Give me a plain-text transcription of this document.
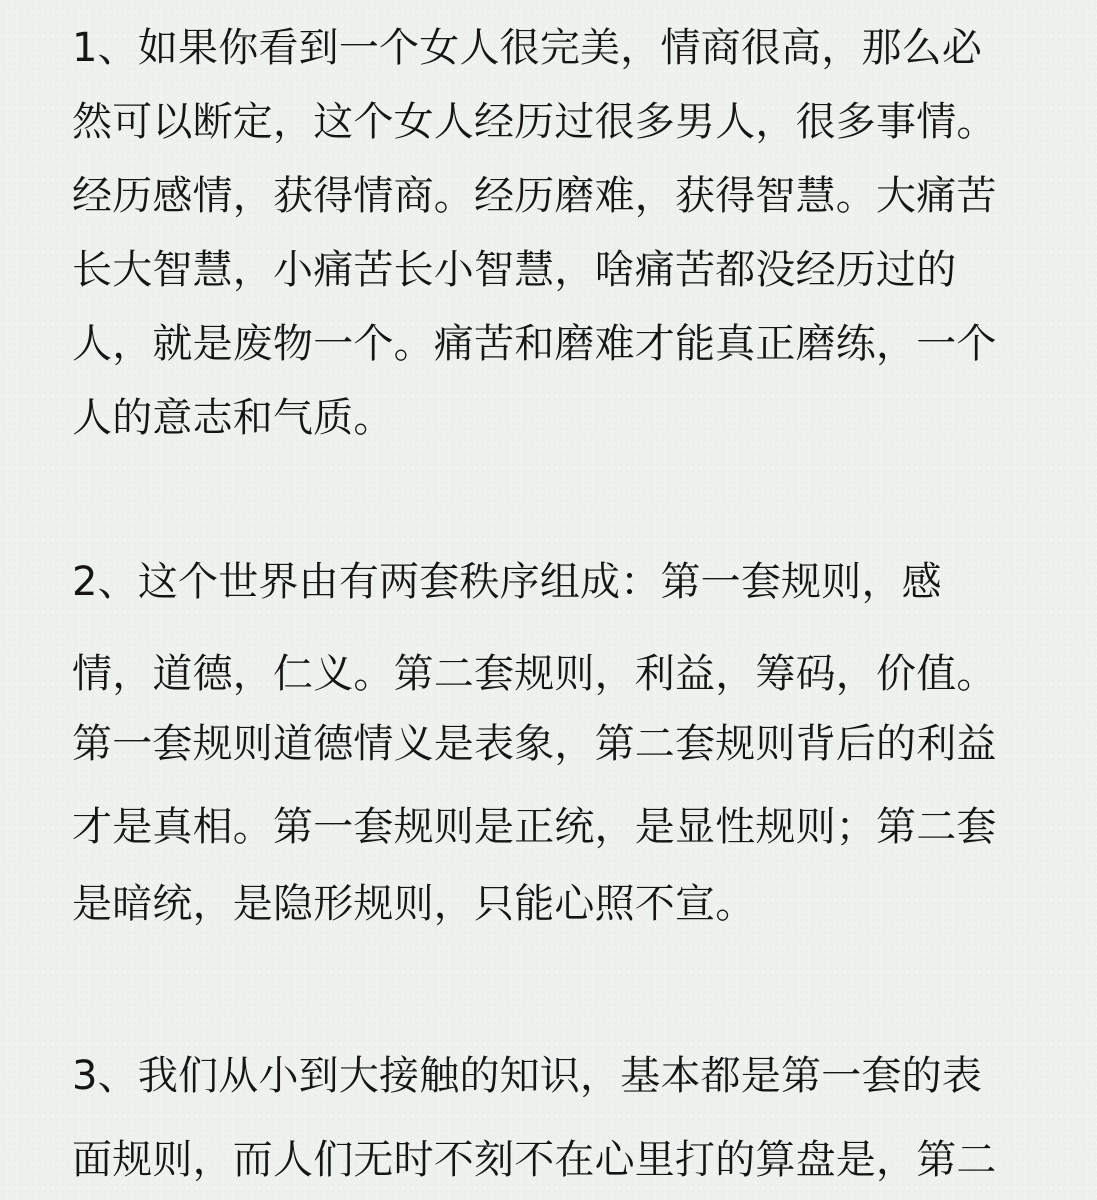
1、如果你看到一个女人很完美，情商很高，那么必
然可以断定，这个女人经历过很多男人，很多事情。
经历感情，获得情商。经历磨难，获得智慧。大痛苦
长大智慧，小痛苦长小智慧，啥痛苦都没经历过的
人，就是废物一个。痛苦和磨难才能真正磨练，一个
人的意志和气质。
2、这个世界由有两套秩序组成：第一套规则，感
情，道德，仁义。第二套规则，利益，筹码，价值。
第一套规则道德情义是表象，第二套规则背后的利益
才是真相。第一套规则是正统，是显性规则；第二套
是暗统，是隐形规则，只能心照不宣。
3、我们从小到大接触的知识，基本都是第一套的表
面规则，而人们无时不刻不在心里打的算盘是，第二
